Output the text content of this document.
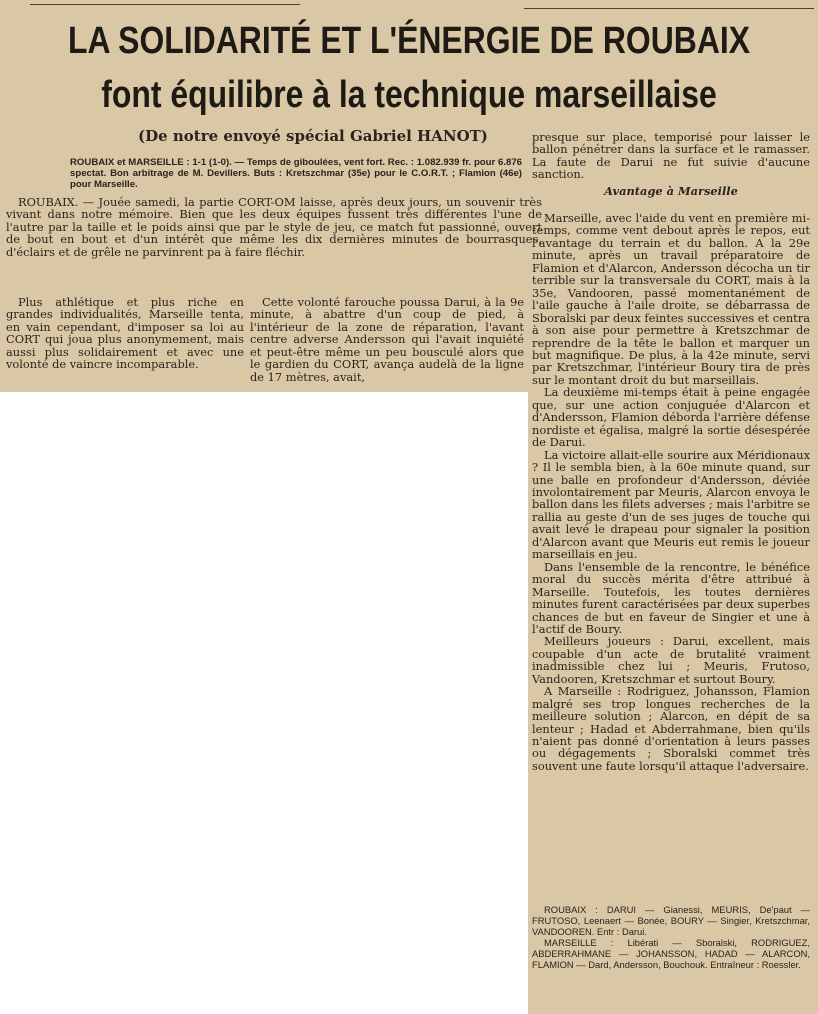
LA SOLIDARITÉ ET L'ÉNERGIE DE ROUBAIX
font équilibre à la technique marseillaise
(De notre envoyé spécial Gabriel HANOT)
ROUBAIX et MARSEILLE : 1-1 (1-0). — Temps de giboulées, vent fort. Rec. : 1.082.939 fr. pour 6.876 spectat. Bon arbitrage de M. Devillers. Buts : Kretszchmar (35e) pour le C.O.R.T. ; Flamion (46e) pour Marseille.

ROUBAIX. — Jouée samedi, la partie CORT-OM laisse, après deux jours, un souvenir très vivant dans notre mémoire. Bien que les deux équipes fussent très différentes l'une de l'autre par la taille et le poids ainsi que par le style de jeu, ce match fut passionné, ouvert de bout en bout et d'un intérêt que même les dix dernières minutes de bourrasques, d'éclairs et de grêle ne parvinrent pa à faire fléchir.

Plus athlétique et plus riche en grandes individualités, Marseille tenta, en vain cependant, d'imposer sa loi au CORT qui joua plus anonymement, mais aussi plus solidairement et avec une volonté de vaincre incomparable.

Cette volonté farouche poussa Darui, à la 9e minute, à abattre d'un coup de pied, à l'intérieur de la zone de réparation, l'avant centre adverse Andersson qui l'avait inquiété et peut-être même un peu bousculé alors que le gardien du CORT, avança audelà de la ligne de 17 mètres, avait,

presque sur place, temporisé pour laisser le ballon pénétrer dans la surface et le ramasser. La faute de Darui ne fut suivie d'aucune sanction.

Avantage à Marseille

Marseille, avec l'aide du vent en première mi-temps, comme vent debout après le repos, eut l'avantage du terrain et du ballon. A la 29e minute, après un travail préparatoire de Flamion et d'Alarcon, Andersson décocha un tir terrible sur la transversale du CORT, mais à la 35e, Vandooren, passé momentanément de l'aile gauche à l'aile droite, se débarrassa de Sboralski par deux feintes successives et centra à son aise pour permettre à Kretszchmar de reprendre de la tête le ballon et marquer un but magnifique. De plus, à la 42e minute, servi par Kretszchmar, l'intérieur Boury tira de près sur le montant droit du but marseillais.

La deuxième mi-temps était à peine engagée que, sur une action conjuguée d'Alarcon et d'Andersson, Flamion déborda l'arrière défense nordiste et égalisa, malgré la sortie désespérée de Darui.

La victoire allait-elle sourire aux Méridionaux ? Il le sembla bien, à la 60e minute quand, sur une balle en profondeur d'Andersson, déviée involontairement par Meuris, Alarcon envoya le ballon dans les filets adverses ; mais l'arbitre se rallia au geste d'un de ses juges de touche qui avait levé le drapeau pour signaler la position d'Alarcon avant que Meuris eut remis le joueur marseillais en jeu.

Dans l'ensemble de la rencontre, le bénéfice moral du succès mérita d'être attribué à Marseille. Toutefois, les toutes dernières minutes furent caractérisées par deux superbes chances de but en faveur de Singier et une à l'actif de Boury.

Meilleurs joueurs : Darui, excellent, mais coupable d'un acte de brutalité vraiment inadmissible chez lui ; Meuris, Frutoso, Vandooren, Kretszchmar et surtout Boury.

A Marseille : Rodriguez, Johansson, Flamion malgré ses trop longues recherches de la meilleure solution ; Alarcon, en dépit de sa lenteur ; Hadad et Abderrahmane, bien qu'ils n'aient pas donné d'orientation à leurs passes ou dégagements ; Sboralski commet très souvent une faute lorsqu'il attaque l'adversaire.

ROUBAIX : DARUI — Gianessi, MEURIS, De'paut — FRUTOSO, Leenaert — Bonée, BOURY — Singier, Kretszchmar, VANDOOREN. Entr : Darui.

MARSEILLE : Libérati — Sboralski, RODRIGUEZ, ABDERRAHMANE — JOHANSSON, HADAD — ALARCON, FLAMION — Dard, Andersson, Bouchouk. Entraîneur : Roessler.
